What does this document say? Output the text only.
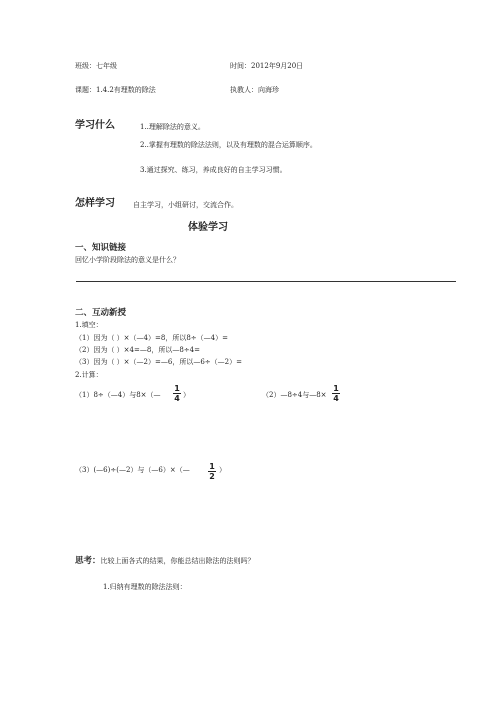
班级：七年级	时间：2012年9月20日
课题：1.4.2有理数的除法	执教人：向海珍
学习什么	1..理解除法的意义。
2..掌握有理数的除法法则，以及有理数的混合运算顺序。
3.通过探究、练习，养成良好的自主学习习惯。
怎样学习	自主学习，小组研讨，交流合作。
体验学习
一、知识链接
回忆小学阶段除法的意义是什么？
二、互动新授
1.填空：
（1）因为（ ）×（—4）=8，所以8÷（—4）=
（2）因为（ ）×4=—8，所以—8÷4=
（3）因为（ ）×（—2）=—6，所以—6÷（—2）=
2.计算：
（1）8÷（—4）与8×（—
1
4 ）	（2）—8÷4与—8×
1
4
（3）(—6)÷(—2）与（—6）×（— 1
2
）
思考：比较上面各式的结果，你能总结出除法的法则吗？
1.归纳有理数的除法法则：
